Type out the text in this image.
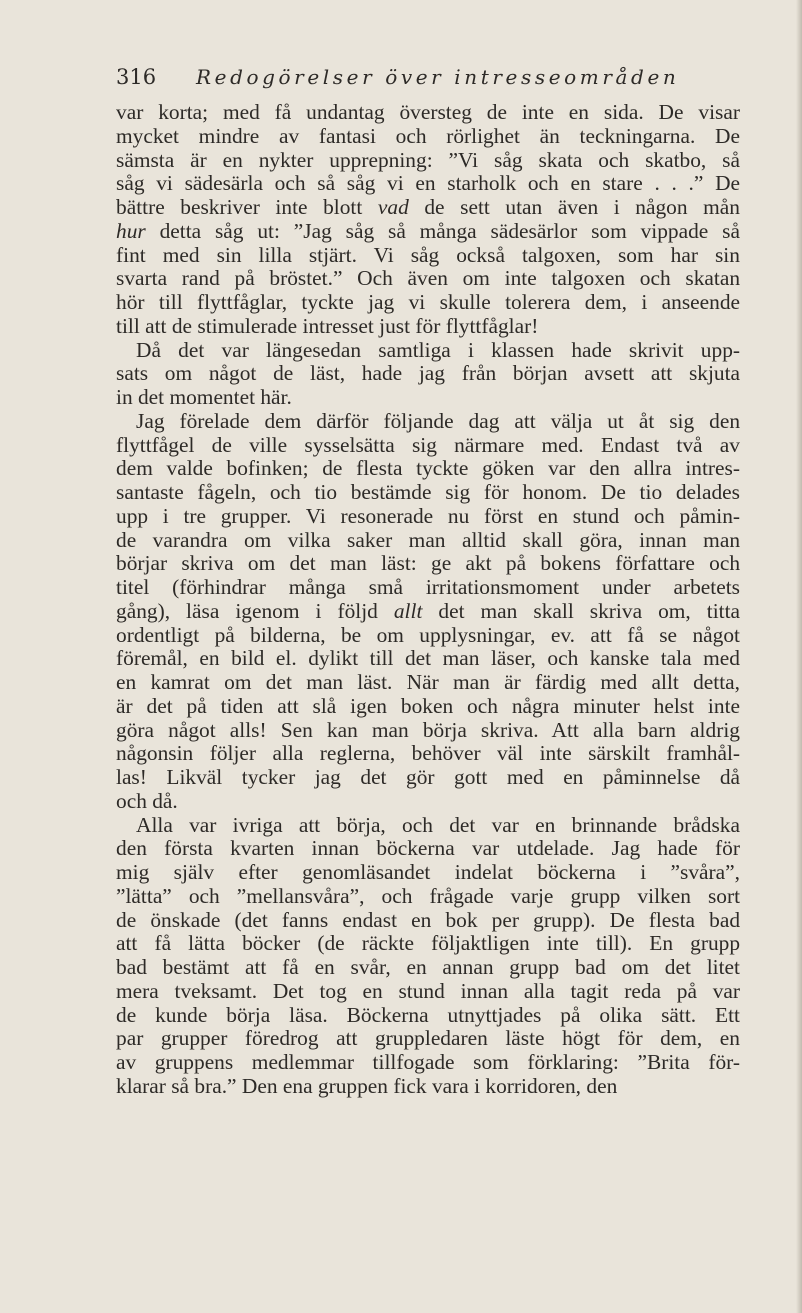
316 Redogörelser över intresseområden
var korta; med få undantag översteg de inte en sida. De visar
mycket mindre av fantasi och rörlighet än teckningarna. De
sämsta är en nykter upprepning: ”Vi såg skata och skatbo, så
såg vi sädesärla och så såg vi en starholk och en stare . . .” De
bättre beskriver inte blott vad de sett utan även i någon mån
hur detta såg ut: ”Jag såg så många sädesärlor som vippade så
fint med sin lilla stjärt. Vi såg också talgoxen, som har sin
svarta rand på bröstet.” Och även om inte talgoxen och skatan
hör till flyttfåglar, tyckte jag vi skulle tolerera dem, i anseende
till att de stimulerade intresset just för flyttfåglar!
Då det var längesedan samtliga i klassen hade skrivit upp-
sats om något de läst, hade jag från början avsett att skjuta
in det momentet här.
Jag förelade dem därför följande dag att välja ut åt sig den
flyttfågel de ville sysselsätta sig närmare med. Endast två av
dem valde bofinken; de flesta tyckte göken var den allra intres-
santaste fågeln, och tio bestämde sig för honom. De tio delades
upp i tre grupper. Vi resonerade nu först en stund och påmin-
de varandra om vilka saker man alltid skall göra, innan man
börjar skriva om det man läst: ge akt på bokens författare och
titel (förhindrar många små irritationsmoment under arbetets
gång), läsa igenom i följd allt det man skall skriva om, titta
ordentligt på bilderna, be om upplysningar, ev. att få se något
föremål, en bild el. dylikt till det man läser, och kanske tala med
en kamrat om det man läst. När man är färdig med allt detta,
är det på tiden att slå igen boken och några minuter helst inte
göra något alls! Sen kan man börja skriva. Att alla barn aldrig
någonsin följer alla reglerna, behöver väl inte särskilt framhål-
las! Likväl tycker jag det gör gott med en påminnelse då
och då.
Alla var ivriga att börja, och det var en brinnande brådska
den första kvarten innan böckerna var utdelade. Jag hade för
mig själv efter genomläsandet indelat böckerna i ”svåra”,
”lätta” och ”mellansvåra”, och frågade varje grupp vilken sort
de önskade (det fanns endast en bok per grupp). De flesta bad
att få lätta böcker (de räckte följaktligen inte till). En grupp
bad bestämt att få en svår, en annan grupp bad om det litet
mera tveksamt. Det tog en stund innan alla tagit reda på var
de kunde börja läsa. Böckerna utnyttjades på olika sätt. Ett
par grupper föredrog att gruppledaren läste högt för dem, en
av gruppens medlemmar tillfogade som förklaring: ”Brita för-
klarar så bra.” Den ena gruppen fick vara i korridoren, den
